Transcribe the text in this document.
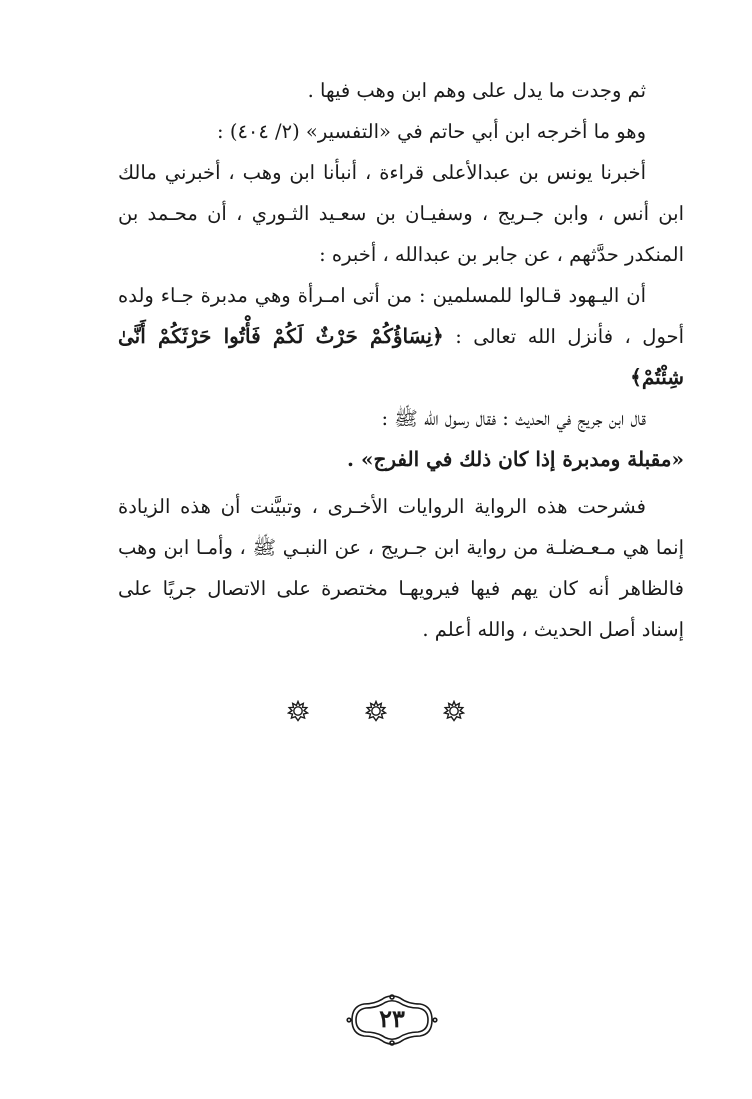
ثم وجدت ما يدل على وهم ابن وهب فيها .

وهو ما أخرجه ابن أبي حاتم في «التفسير» (٢/ ٤٠٤) :

أخبرنا يونس بن عبدالأعلى قراءة ، أنبأنا ابن وهب ، أخبرني مالك ابن أنس ، وابن جـريج ، وسفيـان بن سعـيد الثـوري ، أن محـمد بن المنكدر حدَّثهم ، عن جابر بن عبدالله ، أخبره :

أن اليـهود قـالوا للمسلمين : من أتى امـرأة وهي مدبرة جـاء ولده أحول ، فأنزل الله تعالى : ﴿نِسَاؤُكُمْ حَرْثٌ لَكُمْ فَأْتُوا حَرْثَكُمْ أَنَّىٰ شِئْتُمْ﴾

قال ابن جريج في الحديث : فقال رسول الله ﷺ :

«مقبلة ومدبرة إذا كان ذلك في الفرج» .

فشرحت هذه الرواية الروايات الأخـرى ، وتبيَّنت أن هذه الزيادة إنما هي مـعـضلـة من رواية ابن جـريج ، عن النبـي ﷺ ، وأمـا ابن وهب فالظاهر أنه كان يهم فيها فيرويهـا مختصرة على الاتصال جريًا على إسناد أصل الحديث ، والله أعلم .

٢٣
